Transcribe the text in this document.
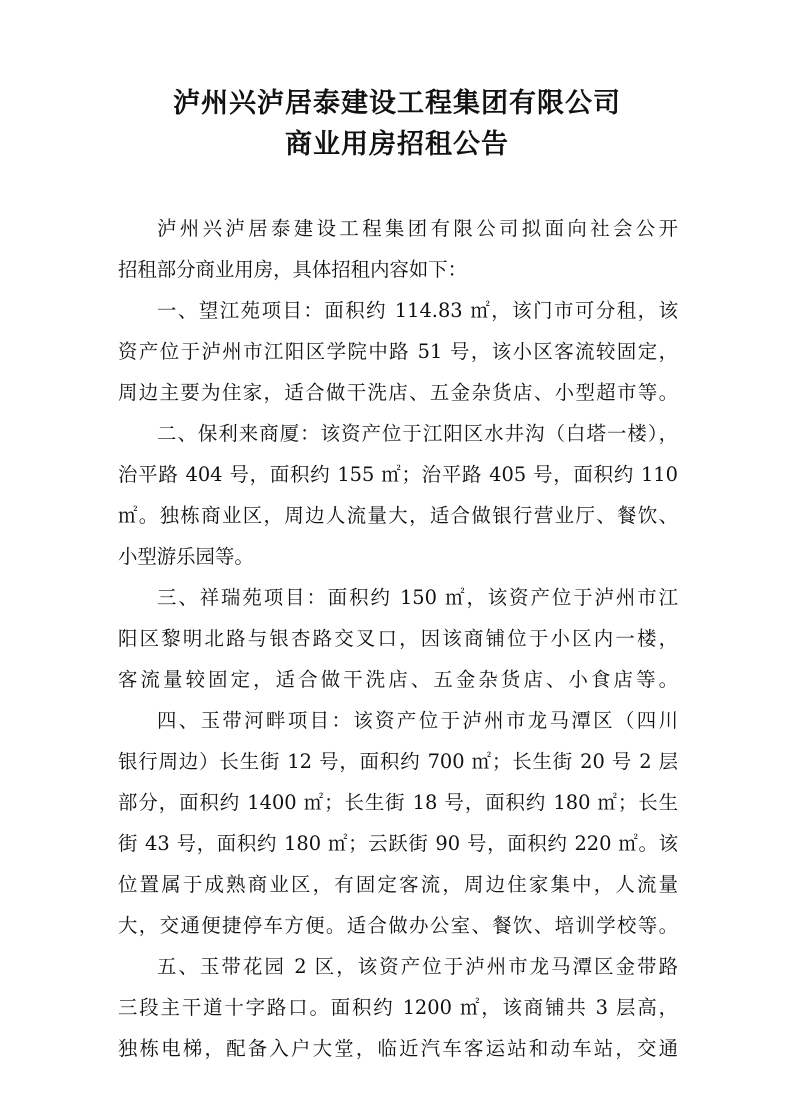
泸州兴泸居泰建设工程集团有限公司
商业用房招租公告
泸州兴泸居泰建设工程集团有限公司拟面向社会公开
招租部分商业用房，具体招租内容如下：
一、望江苑项目：面积约 114.83 ㎡，该门市可分租，该
资产位于泸州市江阳区学院中路 51 号，该小区客流较固定，
周边主要为住家，适合做干洗店、五金杂货店、小型超市等。
二、保利来商厦：该资产位于江阳区水井沟（白塔一楼），
治平路 404 号，面积约 155 ㎡；治平路 405 号，面积约 110
㎡。独栋商业区，周边人流量大，适合做银行营业厅、餐饮、
小型游乐园等。
三、祥瑞苑项目：面积约 150 ㎡，该资产位于泸州市江
阳区黎明北路与银杏路交叉口，因该商铺位于小区内一楼，
客流量较固定，适合做干洗店、五金杂货店、小食店等。
四、玉带河畔项目：该资产位于泸州市龙马潭区（四川
银行周边）长生街 12 号，面积约 700 ㎡；长生街 20 号 2 层
部分，面积约 1400 ㎡；长生街 18 号，面积约 180 ㎡；长生
街 43 号，面积约 180 ㎡；云跃街 90 号，面积约 220 ㎡。该
位置属于成熟商业区，有固定客流，周边住家集中，人流量
大，交通便捷停车方便。适合做办公室、餐饮、培训学校等。
五、玉带花园 2 区，该资产位于泸州市龙马潭区金带路
三段主干道十字路口。面积约 1200 ㎡，该商铺共 3 层高，
独栋电梯，配备入户大堂，临近汽车客运站和动车站，交通
